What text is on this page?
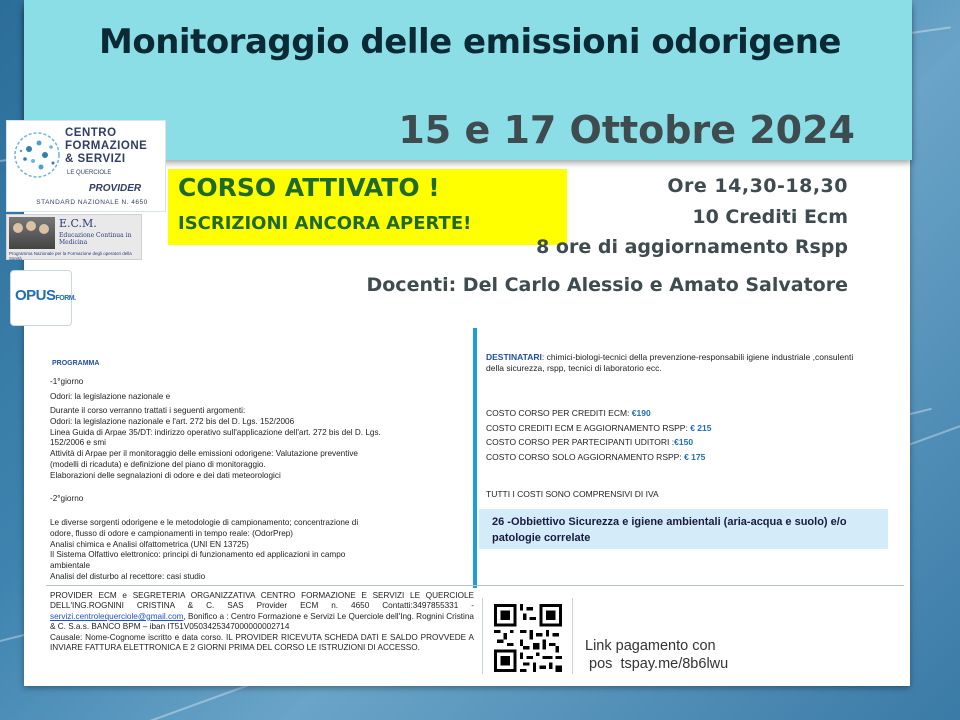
Monitoraggio delle emissioni odorigene
15 e 17 Ottobre 2024
CENTRO
FORMAZIONE
& SERVIZI
LE QUERCIOLE
PROVIDER
STANDARD NAZIONALE N. 4650
E.C.M.
Educazione Continua in Medicina
Programma Nazionale per la Formazione degli operatori della Sanità
OPUSFORM.
CORSO ATTIVATO !
ISCRIZIONI ANCORA APERTE!
Ore 14,30-18,30
10 Crediti Ecm
8 ore di aggiornamento Rspp
Docenti: Del Carlo Alessio e Amato Salvatore
PROGRAMMA
-1°giorno
Odori: la legislazione nazionale e
Durante il corso verranno trattati i seguenti argomenti:
Odori: la legislazione nazionale e l'art. 272 bis del D. Lgs. 152/2006
Linea Guida di Arpae 35/DT: indirizzo operativo sull'applicazione dell'art. 272 bis del D. Lgs.
152/2006 e smi
Attività di Arpae per il monitoraggio delle emissioni odorigene: Valutazione preventive
(modelli di ricaduta) e definizione del piano di monitoraggio.
Elaborazioni delle segnalazioni di odore e dei dati meteorologici
-2°giorno
Le diverse sorgenti odorigene e le metodologie di campionamento; concentrazione di
odore, flusso di odore e campionamenti in tempo reale: (OdorPrep)
Analisi chimica e Analisi olfattometrica (UNI EN 13725)
Il Sistema Olfattivo elettronico: principi di funzionamento ed applicazioni in campo
ambientale
Analisi del disturbo al recettore: casi studio
DESTINATARI: chimici-biologi-tecnici della prevenzione-responsabili igiene industriale ,consulenti della sicurezza, rspp, tecnici di laboratorio ecc.
COSTO CORSO PER CREDITI ECM: €190
COSTO CREDITI ECM E AGGIORNAMENTO RSPP: € 215
COSTO CORSO PER PARTECIPANTI UDITORI :€150
COSTO CORSO SOLO AGGIORNAMENTO RSPP: € 175
TUTTI I COSTI SONO COMPRENSIVI DI IVA
26 -Obbiettivo Sicurezza e igiene ambientali (aria-acqua e suolo) e/o patologie correlate
PROVIDER ECM e SEGRETERIA ORGANIZZATIVA CENTRO FORMAZIONE E SERVIZI LE QUERCIOLE DELL'ING.ROGNINI CRISTINA & C. SAS Provider ECM n. 4650 Contatti:3497855331 - servizi.centrolequerciole@gmail.com, Bonifico a : Centro Formazione e Servizi Le Querciole dell'Ing. Rognini Cristina & C. S.a.s. BANCO BPM – iban IT51V0503425347000000002714
Causale: Nome-Cognome iscritto e data corso. IL PROVIDER RICEVUTA SCHEDA DATI E SALDO PROVVEDE A INVIARE FATTURA ELETTRONICA E 2 GIORNI PRIMA DEL CORSO LE ISTRUZIONI DI ACCESSO.	Link pagamento con
pos  tspay.me/8b6lwu
